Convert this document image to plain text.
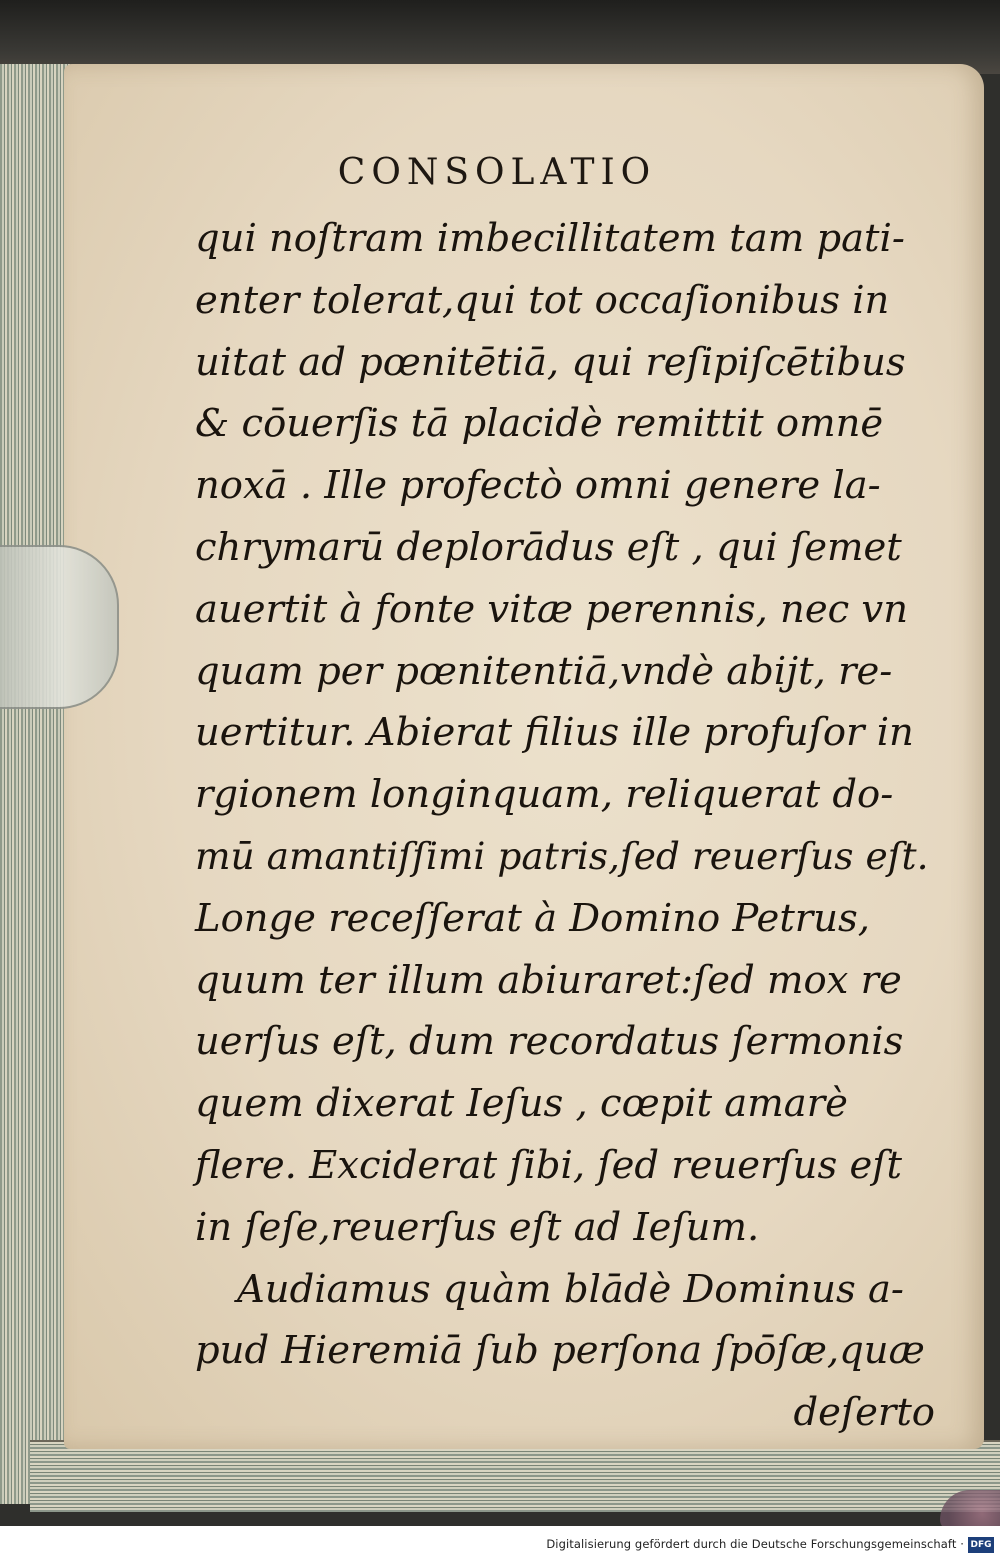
CONSOLATIO
qui noſtram imbecillitatem tam pati-
enter tolerat,qui tot occaſionibus in
uitat ad pœnitētiā, qui reſipiſcētibus
& cōuerſis tā placidè remittit omnē
noxā . Ille profectò omni genere la-
chrymarū deplorādus eſt , qui ſemet
auertit à fonte vitæ perennis, nec vn
quam per pœnitentiā,vndè abijt, re-
uertitur. Abierat filius ille profuſor in
rgionem longinquam, reliquerat do-
mū amantiſſimi patris,ſed reuerſus eſt.
Longe receſſerat à Domino Petrus,
quum ter illum abiuraret:ſed mox re
uerſus eſt, dum recordatus ſermonis
quem dixerat Ieſus , cœpit amarè
flere. Exciderat ſibi, ſed reuerſus eſt
in ſeſe,reuerſus eſt ad Ieſum.
Audiamus quàm blādè Dominus a-
pud Hieremiā ſub perſona ſpōſæ,quæ
deſerto
Digitalisierung gefördert durch die Deutsche Forschungsgemeinschaft · DFG
